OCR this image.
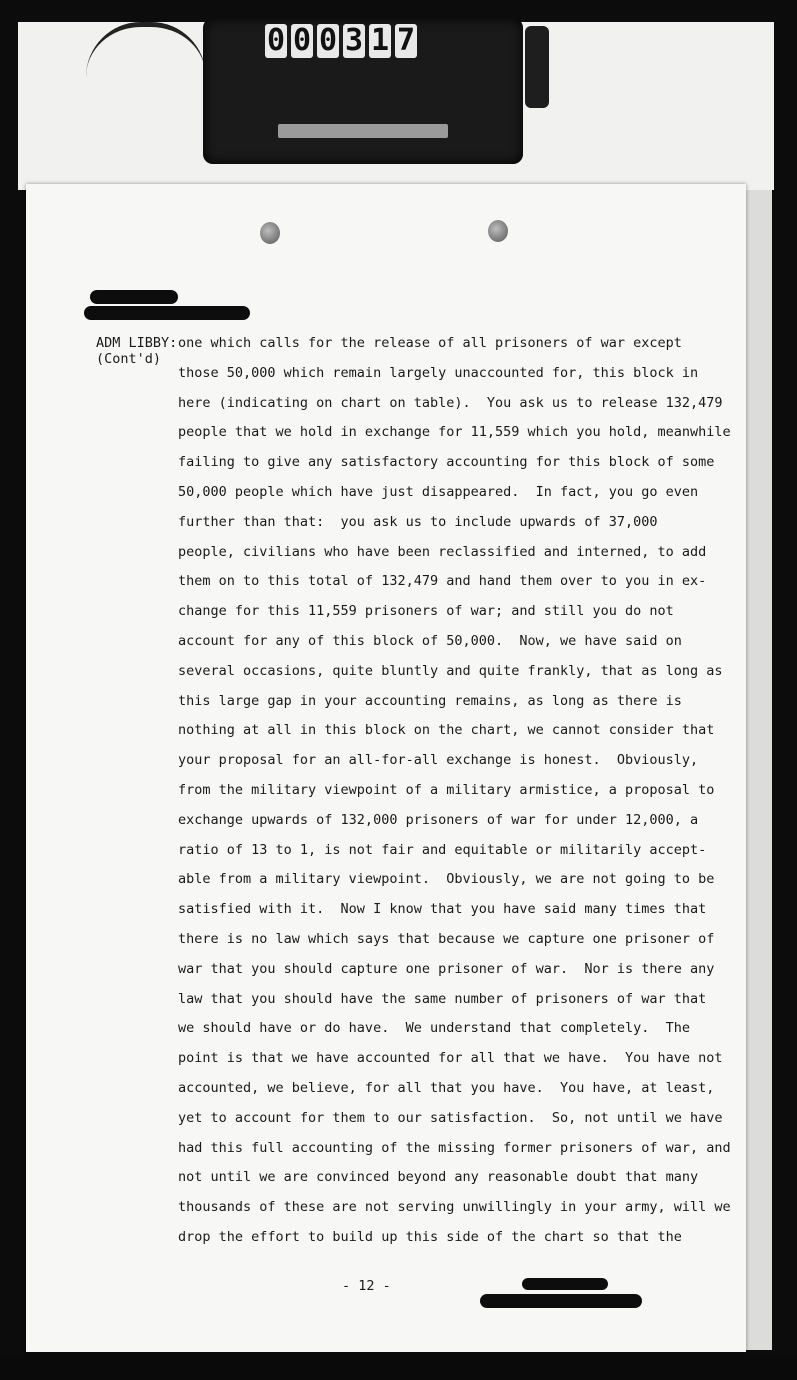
0 0 0 3 1 7
ADM LIBBY:
(Cont'd)
one which calls for the release of all prisoners of war except
those 50,000 which remain largely unaccounted for, this block in
here (indicating on chart on table).  You ask us to release 132,479
people that we hold in exchange for 11,559 which you hold, meanwhile
failing to give any satisfactory accounting for this block of some
50,000 people which have just disappeared.  In fact, you go even
further than that:  you ask us to include upwards of 37,000
people, civilians who have been reclassified and interned, to add
them on to this total of 132,479 and hand them over to you in ex-
change for this 11,559 prisoners of war; and still you do not
account for any of this block of 50,000.  Now, we have said on
several occasions, quite bluntly and quite frankly, that as long as
this large gap in your accounting remains, as long as there is
nothing at all in this block on the chart, we cannot consider that
your proposal for an all-for-all exchange is honest.  Obviously,
from the military viewpoint of a military armistice, a proposal to
exchange upwards of 132,000 prisoners of war for under 12,000, a
ratio of 13 to 1, is not fair and equitable or militarily accept-
able from a military viewpoint.  Obviously, we are not going to be
satisfied with it.  Now I know that you have said many times that
there is no law which says that because we capture one prisoner of
war that you should capture one prisoner of war.  Nor is there any
law that you should have the same number of prisoners of war that
we should have or do have.  We understand that completely.  The
point is that we have accounted for all that we have.  You have not
accounted, we believe, for all that you have.  You have, at least,
yet to account for them to our satisfaction.  So, not until we have
had this full accounting of the missing former prisoners of war, and
not until we are convinced beyond any reasonable doubt that many
thousands of these are not serving unwillingly in your army, will we
drop the effort to build up this side of the chart so that the
- 12 -
